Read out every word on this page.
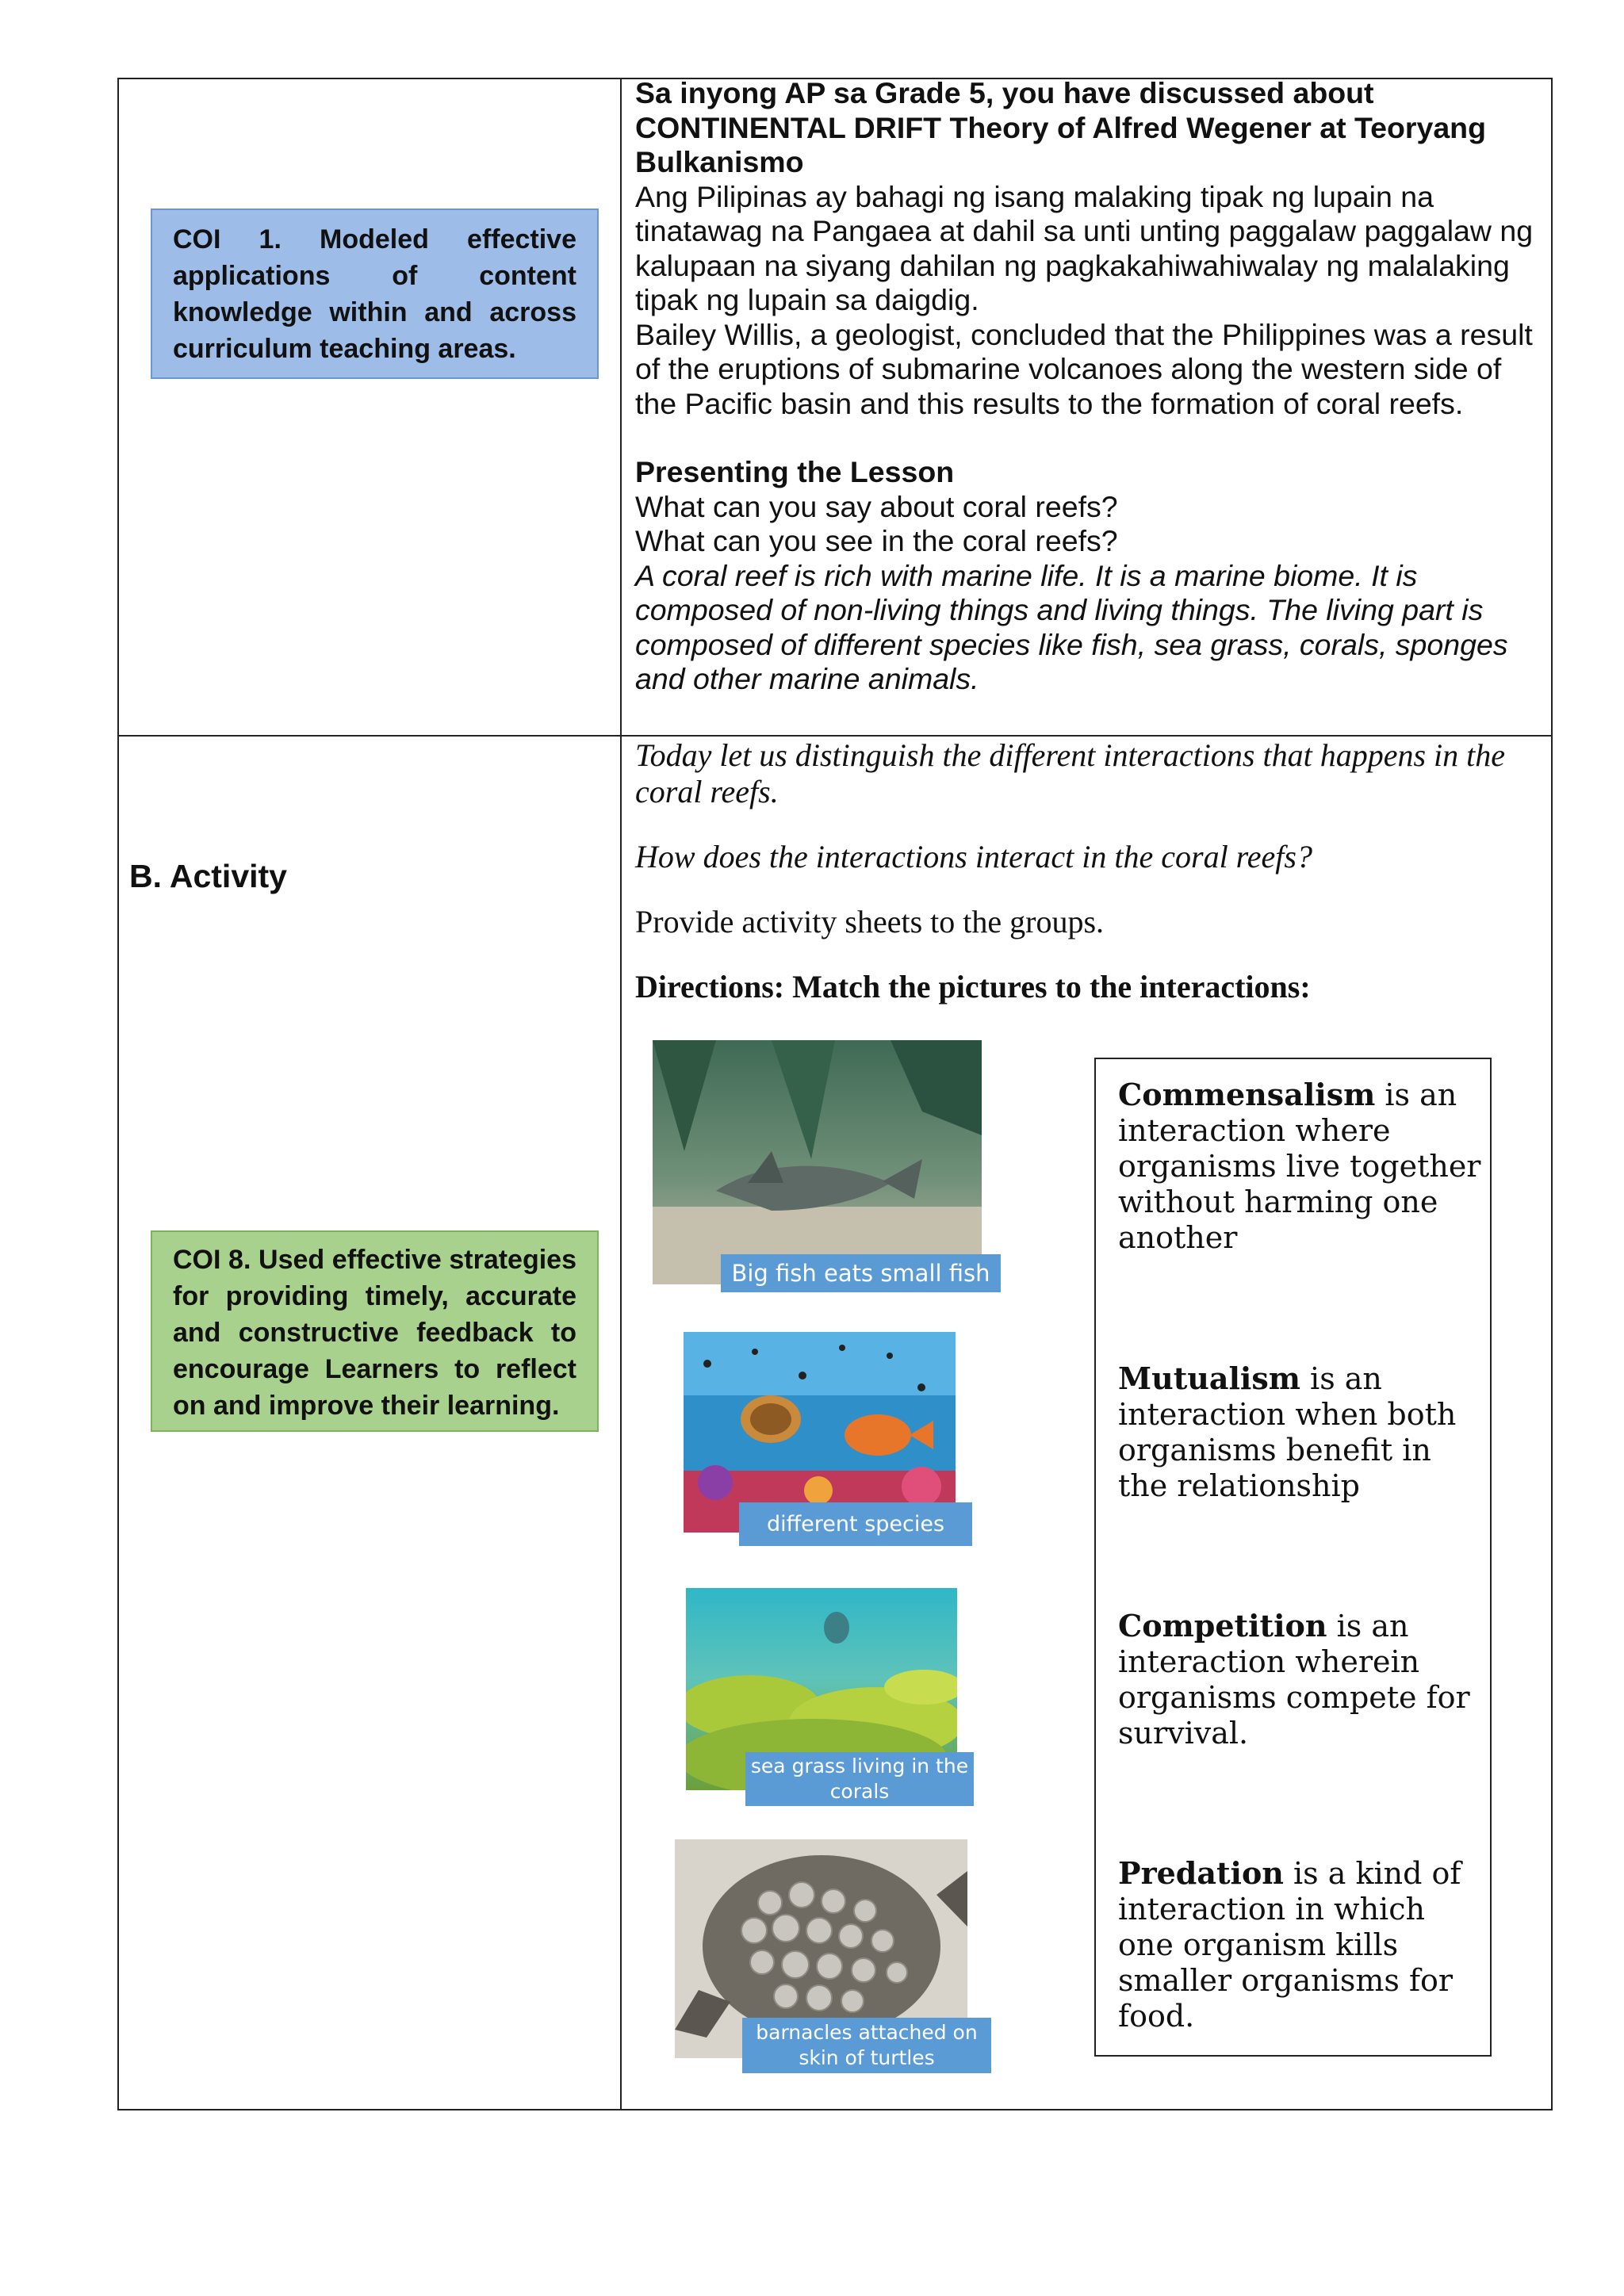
COI 1. Modeled effective applications of content knowledge within and across curriculum teaching areas.
B. Activity
COI 8. Used effective strategies for providing timely, accurate and constructive feedback to encourage Learners to reflect on and improve their learning.

Sa inyong AP sa Grade 5, you have discussed about CONTINENTAL DRIFT Theory of Alfred Wegener at Teoryang Bulkanismo

Ang Pilipinas ay bahagi ng isang malaking tipak ng lupain na tinatawag na Pangaea at dahil sa unti unting paggalaw paggalaw ng kalupaan na siyang dahilan ng pagkakahiwahiwalay ng malalaking tipak ng lupain sa daigdig.

Bailey Willis, a geologist, concluded that the Philippines was a result of the eruptions of submarine volcanoes along the western side of the Pacific basin and this results to the formation of coral reefs.

Presenting the Lesson

What can you say about coral reefs?

What can you see in the coral reefs?

A coral reef is rich with marine life. It is a marine biome. It is composed of non-living things and living things. The living part is composed of different species like fish, sea grass, corals, sponges and other marine animals.

Today let us distinguish the different interactions that happens in the coral reefs.

How does the interactions interact in the coral reefs?

Provide activity sheets to the groups.

Directions: Match the pictures to the interactions:

Big fish eats small fish
different species living
sea grass living in the corals
barnacles attached on skin of turtles
Commensalism is an interaction where organisms live together without harming one another
Mutualism is an interaction when both organisms benefit in the relationship
Competition is an interaction wherein organisms compete for survival.
Predation is a kind of interaction in which one organism kills smaller organisms for food.
